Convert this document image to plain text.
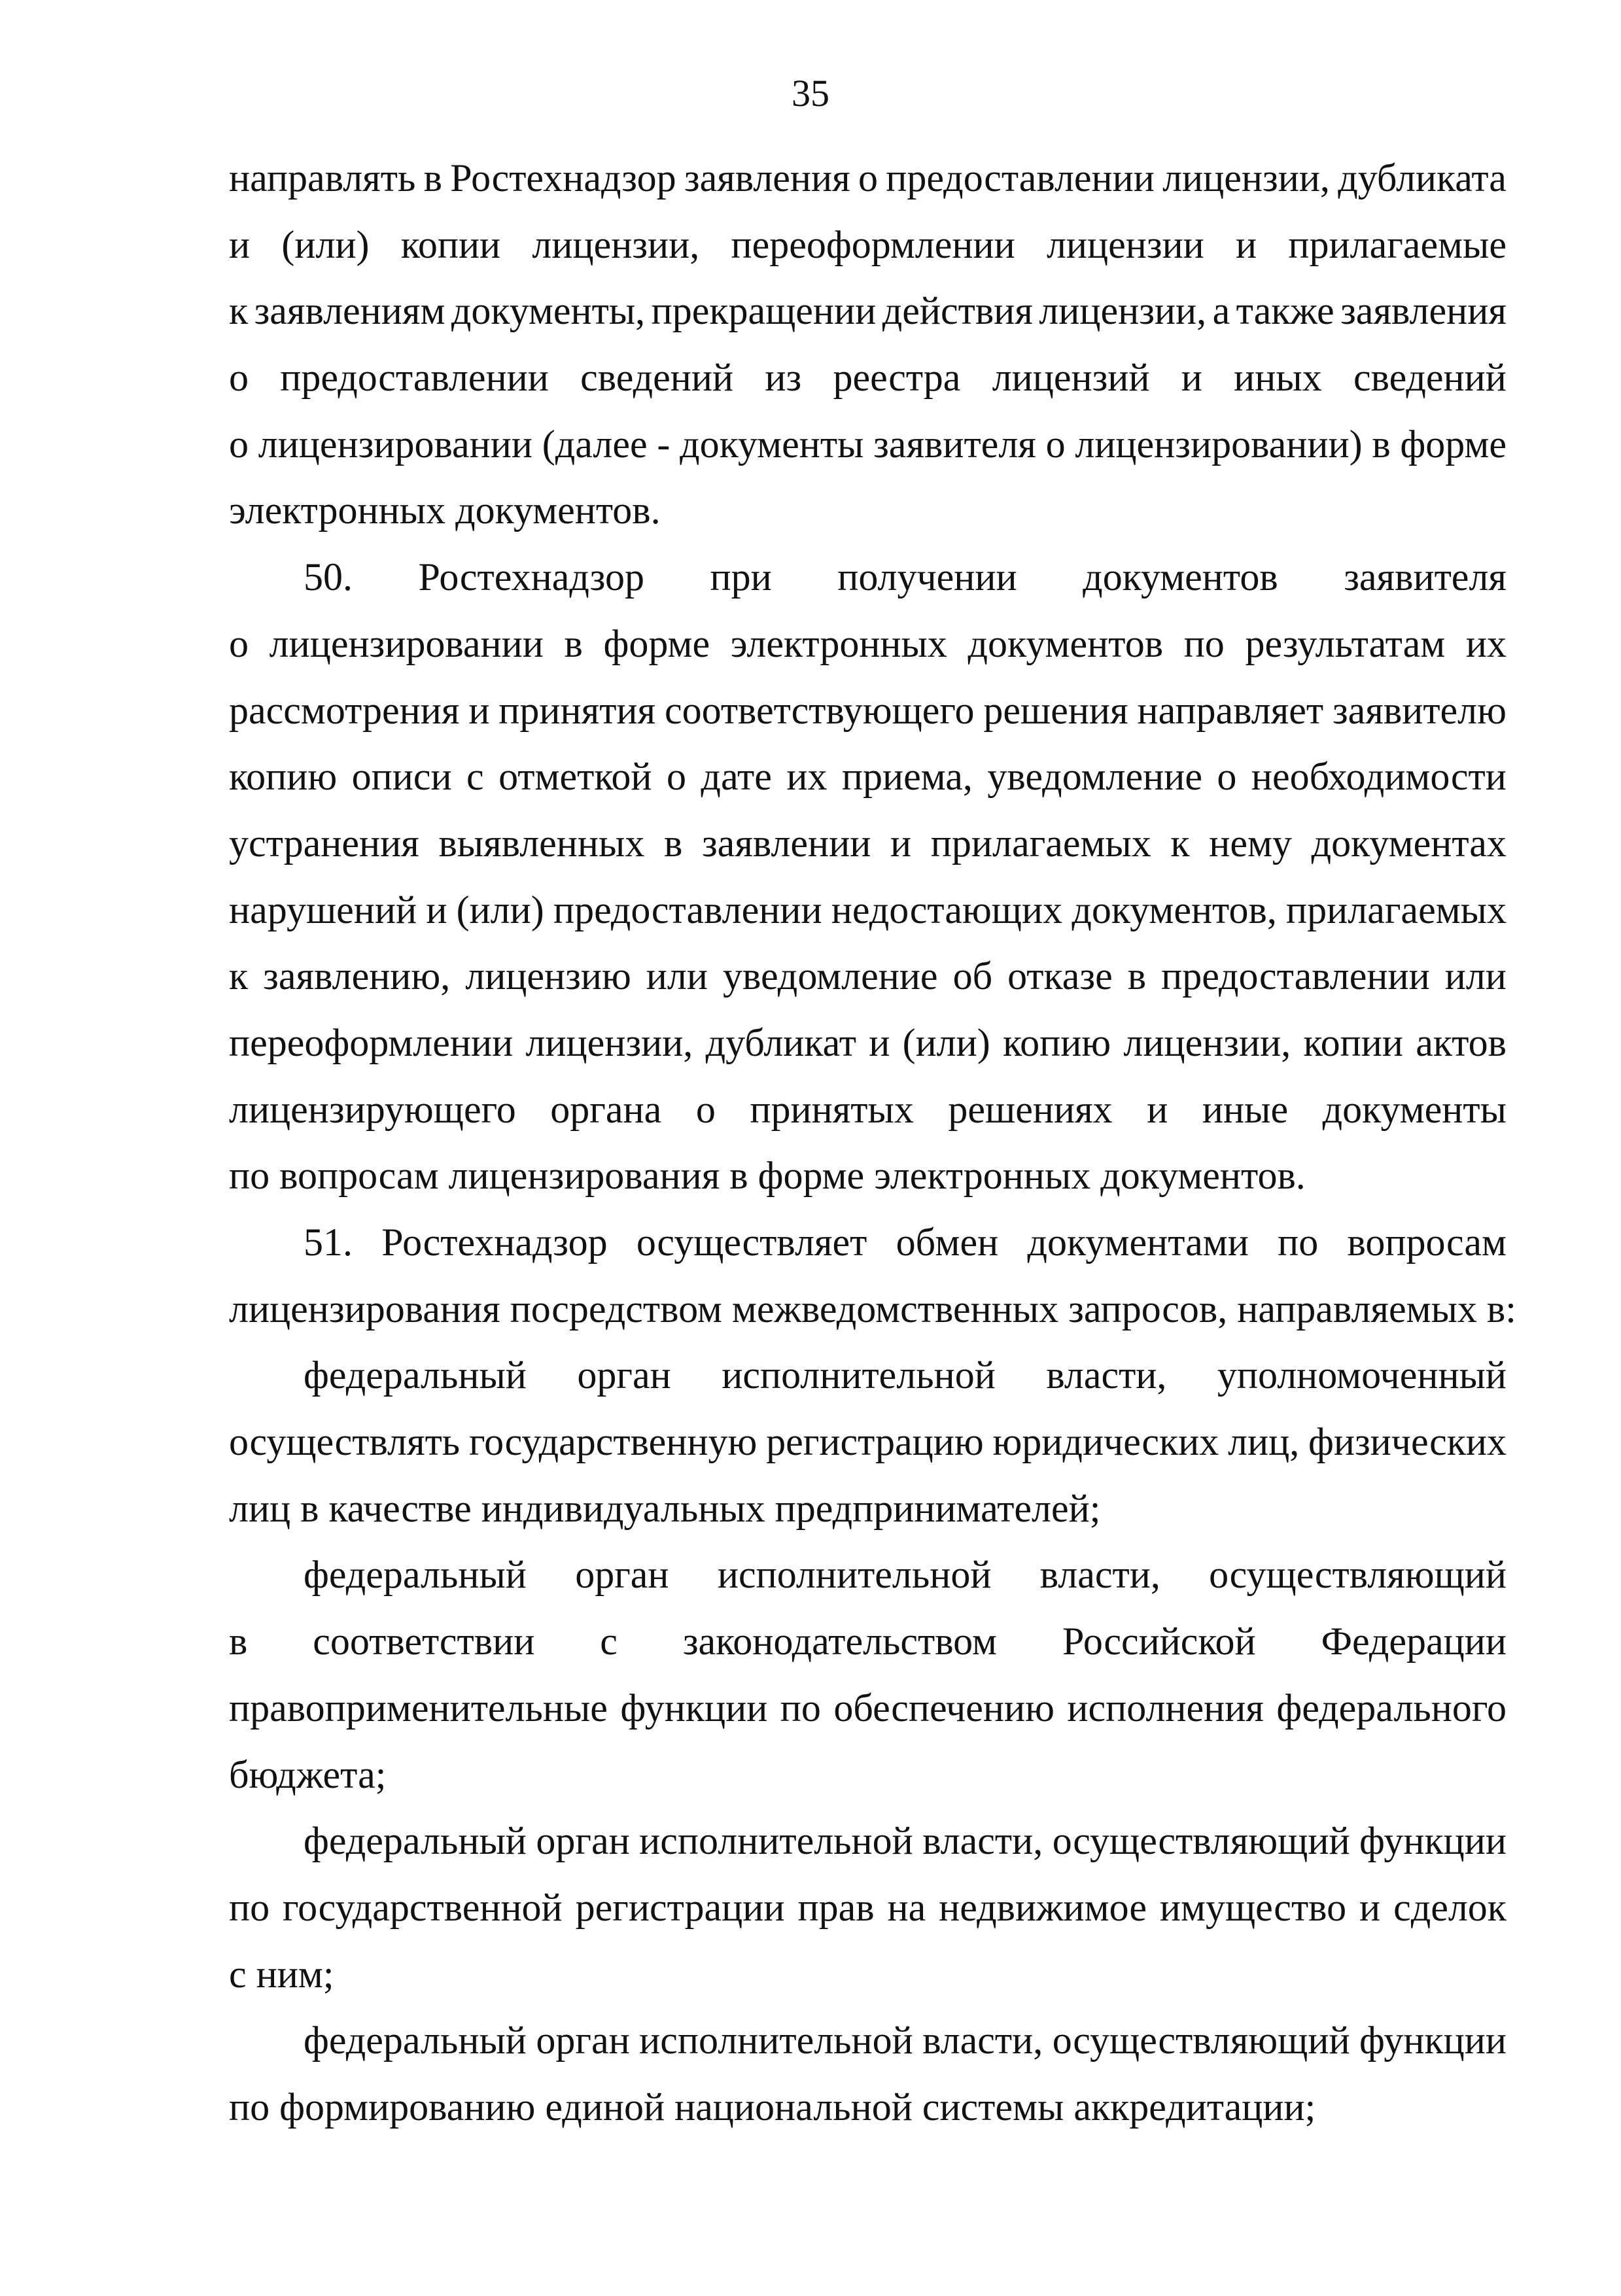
35
направлять в Ростехнадзор заявления о предоставлении лицензии, дубликата
и (или) копии лицензии, переоформлении лицензии и прилагаемые
к заявлениям документы, прекращении действия лицензии, а также заявления
о предоставлении сведений из реестра лицензий и иных сведений
о лицензировании (далее - документы заявителя о лицензировании) в форме
электронных документов.
50. Ростехнадзор при получении документов заявителя
о лицензировании в форме электронных документов по результатам их
рассмотрения и принятия соответствующего решения направляет заявителю
копию описи с отметкой о дате их приема, уведомление о необходимости
устранения выявленных в заявлении и прилагаемых к нему документах
нарушений и (или) предоставлении недостающих документов, прилагаемых
к заявлению, лицензию или уведомление об отказе в предоставлении или
переоформлении лицензии, дубликат и (или) копию лицензии, копии актов
лицензирующего органа о принятых решениях и иные документы
по вопросам лицензирования в форме электронных документов.
51. Ростехнадзор осуществляет обмен документами по вопросам
лицензирования посредством межведомственных запросов, направляемых в:
федеральный орган исполнительной власти, уполномоченный
осуществлять государственную регистрацию юридических лиц, физических
лиц в качестве индивидуальных предпринимателей;
федеральный орган исполнительной власти, осуществляющий
в соответствии с законодательством Российской Федерации
правоприменительные функции по обеспечению исполнения федерального
бюджета;
федеральный орган исполнительной власти, осуществляющий функции
по государственной регистрации прав на недвижимое имущество и сделок
с ним;
федеральный орган исполнительной власти, осуществляющий функции
по формированию единой национальной системы аккредитации;
